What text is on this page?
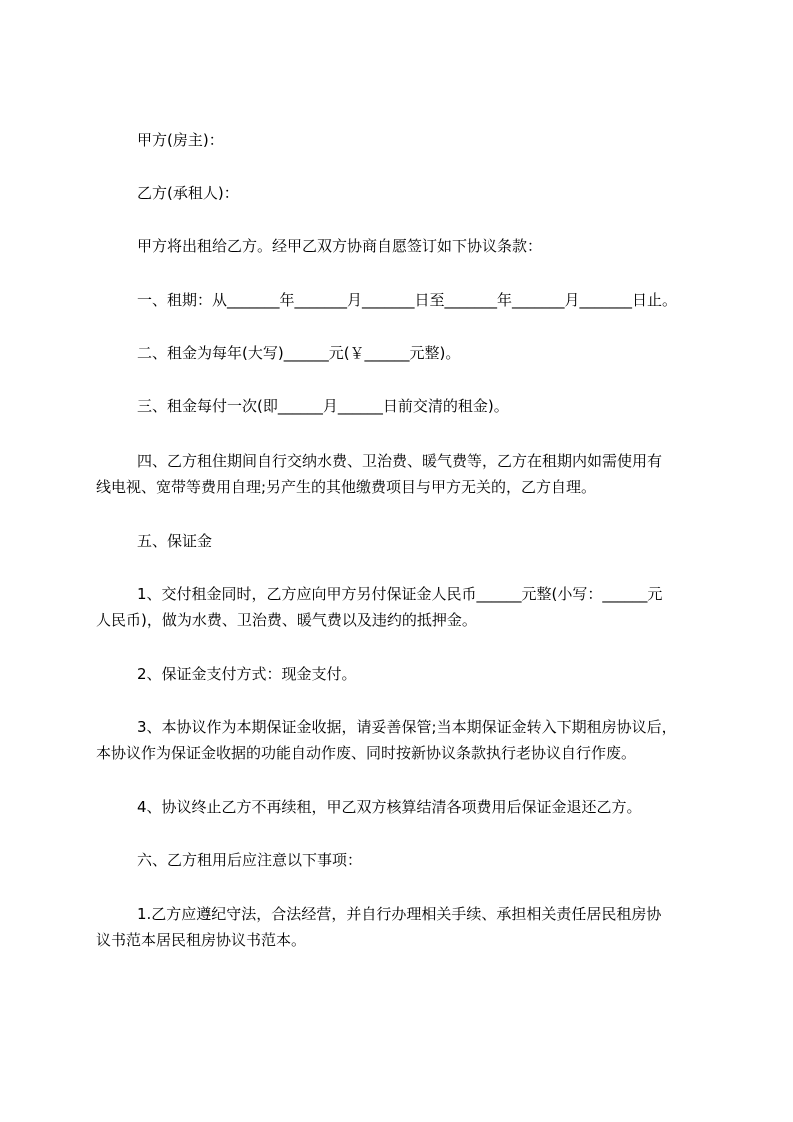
甲方(房主)：
乙方(承租人)：
甲方将出租给乙方。经甲乙双方协商自愿签订如下协议条款：
一、租期：从_______年_______月_______日至_______年_______月_______日止。
二、租金为每年(大写)______元(￥______元整)。
三、租金每付一次(即______月______日前交清的租金)。
四、乙方租住期间自行交纳水费、卫治费、暖气费等，乙方在租期内如需使用有
线电视、宽带等费用自理;另产生的其他缴费项目与甲方无关的，乙方自理。
五、保证金
1、交付租金同时，乙方应向甲方另付保证金人民币______元整(小写：______元
人民币)，做为水费、卫治费、暖气费以及违约的抵押金。
2、保证金支付方式：现金支付。
3、本协议作为本期保证金收据，请妥善保管;当本期保证金转入下期租房协议后，
本协议作为保证金收据的功能自动作废、同时按新协议条款执行老协议自行作废。
4、协议终止乙方不再续租，甲乙双方核算结清各项费用后保证金退还乙方。
六、乙方租用后应注意以下事项：
1.乙方应遵纪守法，合法经营，并自行办理相关手续、承担相关责任居民租房协
议书范本居民租房协议书范本。
